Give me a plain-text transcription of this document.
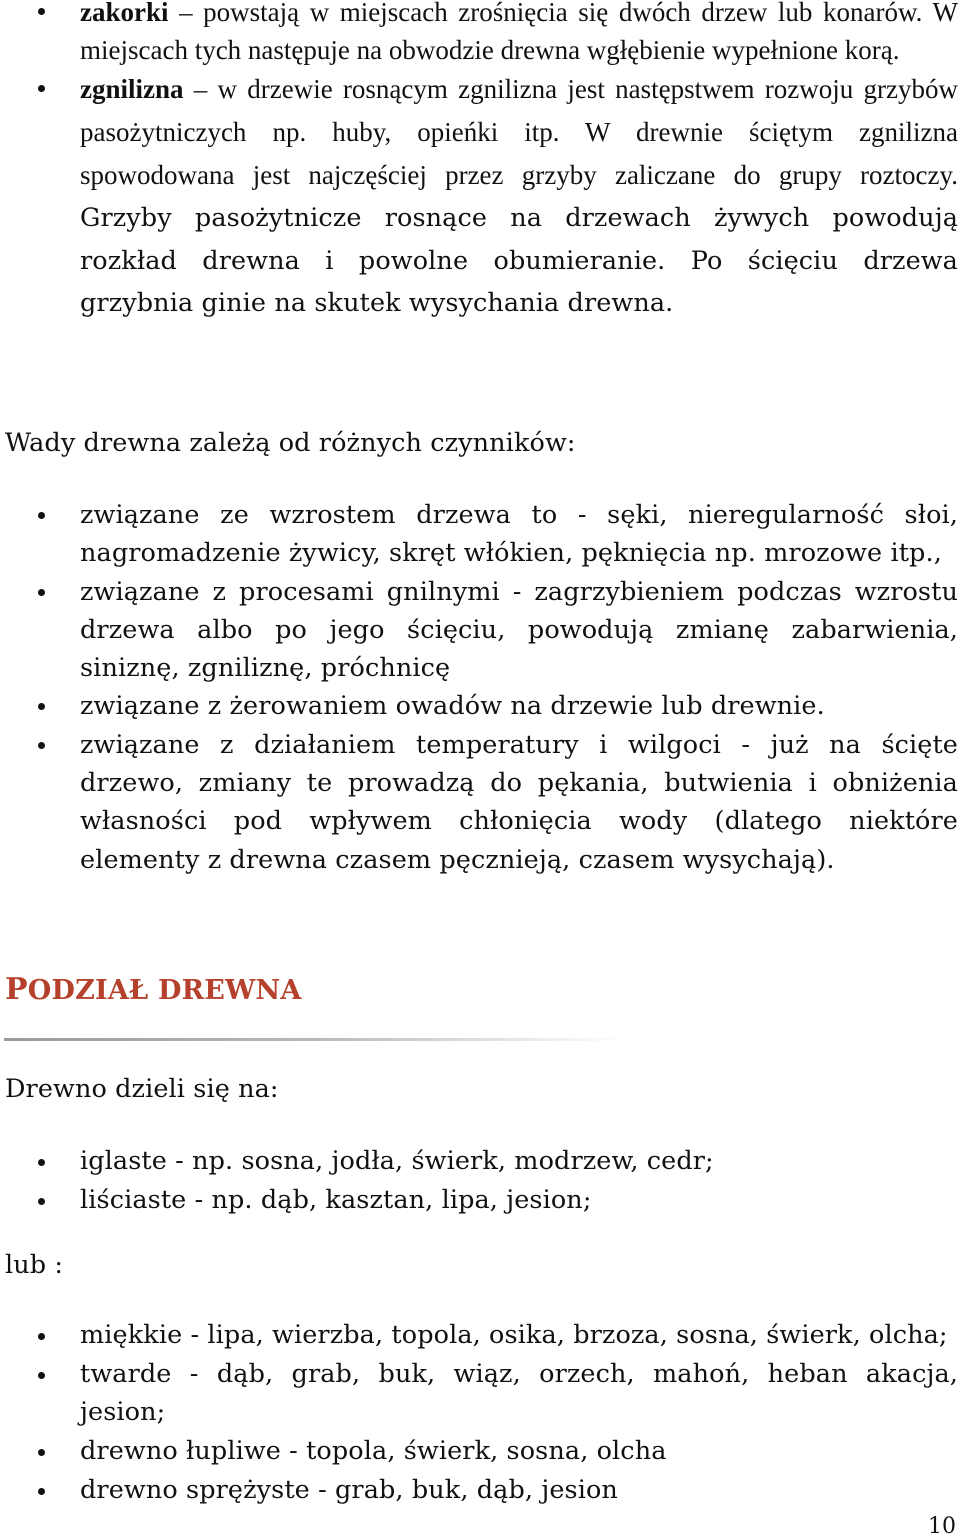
zakorki – powstają w miejscach zrośnięcia się dwóch drzew lub konarów. W miejscach tych następuje na obwodzie drewna wgłębienie wypełnione korą.
zgnilizna – w drzewie rosnącym zgnilizna jest następstwem rozwoju grzybów pasożytniczych np. huby, opieńki itp. W drewnie ściętym zgnilizna spowodowana jest najczęściej przez grzyby zaliczane do grupy roztoczy. Grzyby pasożytnicze rosnące na drzewach żywych powodują rozkład drewna i powolne obumieranie. Po ścięciu drzewa grzybnia ginie na skutek wysychania drewna.

Wady drewna zależą od różnych czynników:

związane ze wzrostem drzewa to - sęki, nieregularność słoi, nagromadzenie żywicy, skręt włókien, pęknięcia np. mrozowe itp.,
związane z procesami gnilnymi - zagrzybieniem podczas wzrostu drzewa albo po jego ścięciu, powodują zmianę zabarwienia, siniznę, zgniliznę, próchnicę
związane z żerowaniem owadów na drzewie lub drewnie.
związane z działaniem temperatury i wilgoci - już na ścięte drzewo, zmiany te prowadzą do pękania, butwienia i obniżenia własności pod wpływem chłonięcia wody (dlatego niektóre elementy z drewna czasem pęcznieją, czasem wysychają).
PODZIAŁ DREWNA

Drewno dzieli się na:

iglaste - np. sosna, jodła, świerk, modrzew, cedr;
liściaste - np. dąb, kasztan, lipa, jesion;

lub :

miękkie - lipa, wierzba, topola, osika, brzoza, sosna, świerk, olcha;
twarde - dąb, grab, buk, wiąz, orzech, mahoń, heban akacja, jesion;
drewno łupliwe - topola, świerk, sosna, olcha
drewno sprężyste - grab, buk, dąb, jesion
10
